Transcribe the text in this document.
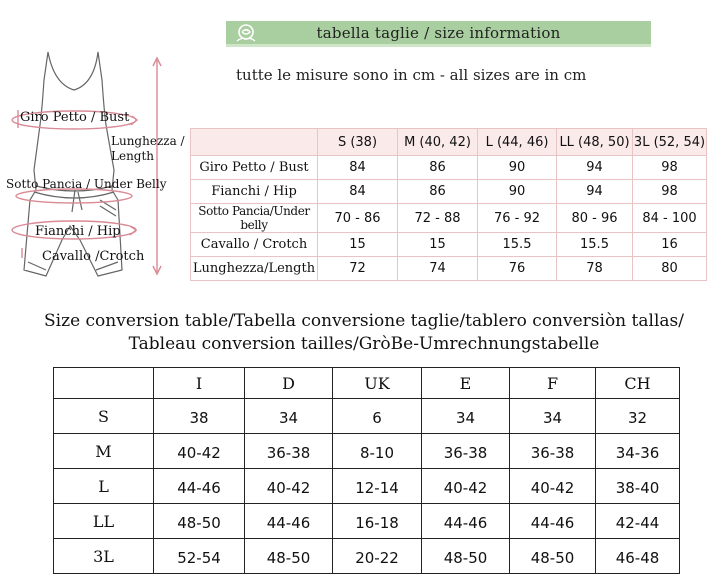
tabella taglie / size information
tutte le misure sono in cm - all sizes are in cm
Giro Petto / Bust
Lunghezza /
Length
Sotto Pancia / Under Belly
Fianchi / Hip
Cavallo /Crotch
	S (38)	M (40, 42)	L (44, 46)	LL (48, 50)	3L (52, 54)
Giro Petto / Bust	84	86	90	94	98
Fianchi / Hip	84	86	90	94	98
Sotto Pancia/Under belly	70 - 86	72 - 88	76 - 92	80 - 96	84 - 100
Cavallo / Crotch	15	15	15.5	15.5	16
Lunghezza/Length	72	74	76	78	80
Size conversion table/Tabella conversione taglie/tablero conversiòn tallas/
Tableau conversion tailles/GròBe-Umrechnungstabelle
	I	D	UK	E	F	CH
S	38	34	6	34	34	32
M	40-42	36-38	8-10	36-38	36-38	34-36
L	44-46	40-42	12-14	40-42	40-42	38-40
LL	48-50	44-46	16-18	44-46	44-46	42-44
3L	52-54	48-50	20-22	48-50	48-50	46-48
